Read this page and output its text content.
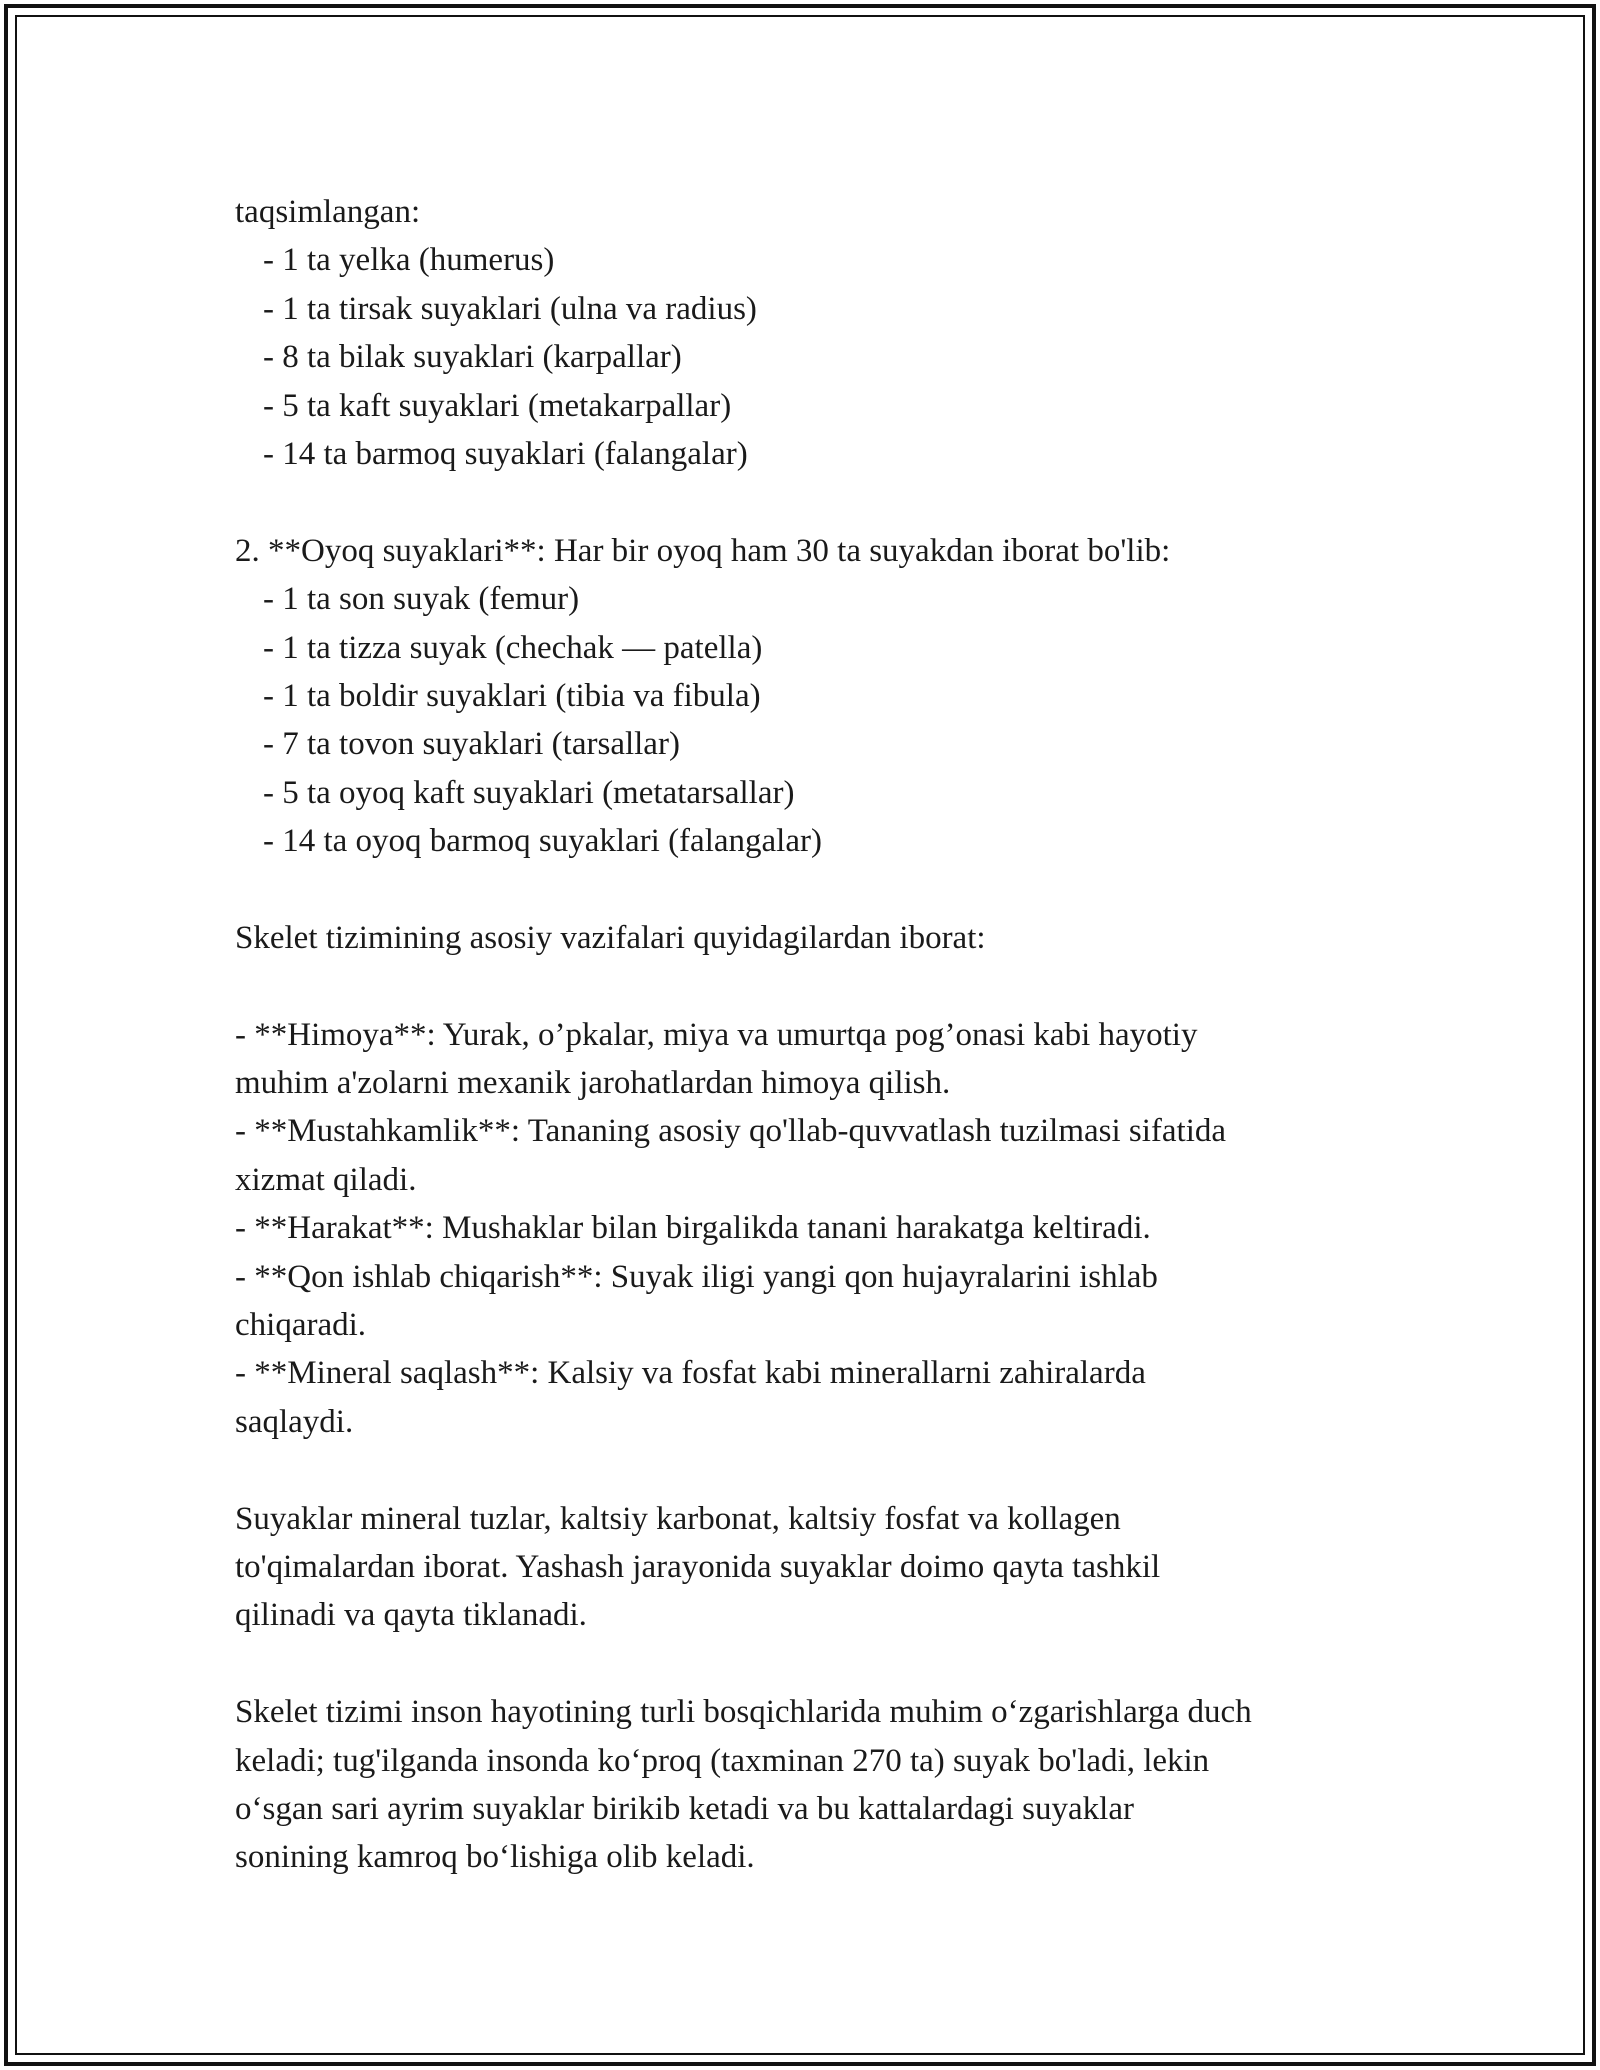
taqsimlangan:
- 1 ta yelka (humerus)
- 1 ta tirsak suyaklari (ulna va radius)
- 8 ta bilak suyaklari (karpallar)
- 5 ta kaft suyaklari (metakarpallar)
- 14 ta barmoq suyaklari (falangalar)
2. **Oyoq suyaklari**: Har bir oyoq ham 30 ta suyakdan iborat bo'lib:
- 1 ta son suyak (femur)
- 1 ta tizza suyak (chechak — patella)
- 1 ta boldir suyaklari (tibia va fibula)
- 7 ta tovon suyaklari (tarsallar)
- 5 ta oyoq kaft suyaklari (metatarsallar)
- 14 ta oyoq barmoq suyaklari (falangalar)
Skelet tizimining asosiy vazifalari quyidagilardan iborat:
- **Himoya**: Yurak, o’pkalar, miya va umurtqa pog’onasi kabi hayotiy
muhim a'zolarni mexanik jarohatlardan himoya qilish.
- **Mustahkamlik**: Tananing asosiy qo'llab-quvvatlash tuzilmasi sifatida
xizmat qiladi.
- **Harakat**: Mushaklar bilan birgalikda tanani harakatga keltiradi.
- **Qon ishlab chiqarish**: Suyak iligi yangi qon hujayralarini ishlab
chiqaradi.
- **Mineral saqlash**: Kalsiy va fosfat kabi minerallarni zahiralarda
saqlaydi.
Suyaklar mineral tuzlar, kaltsiy karbonat, kaltsiy fosfat va kollagen
to'qimalardan iborat. Yashash jarayonida suyaklar doimo qayta tashkil
qilinadi va qayta tiklanadi.
Skelet tizimi inson hayotining turli bosqichlarida muhim o‘zgarishlarga duch
keladi; tug'ilganda insonda ko‘proq (taxminan 270 ta) suyak bo'ladi, lekin
o‘sgan sari ayrim suyaklar birikib ketadi va bu kattalardagi suyaklar
sonining kamroq bo‘lishiga olib keladi.
